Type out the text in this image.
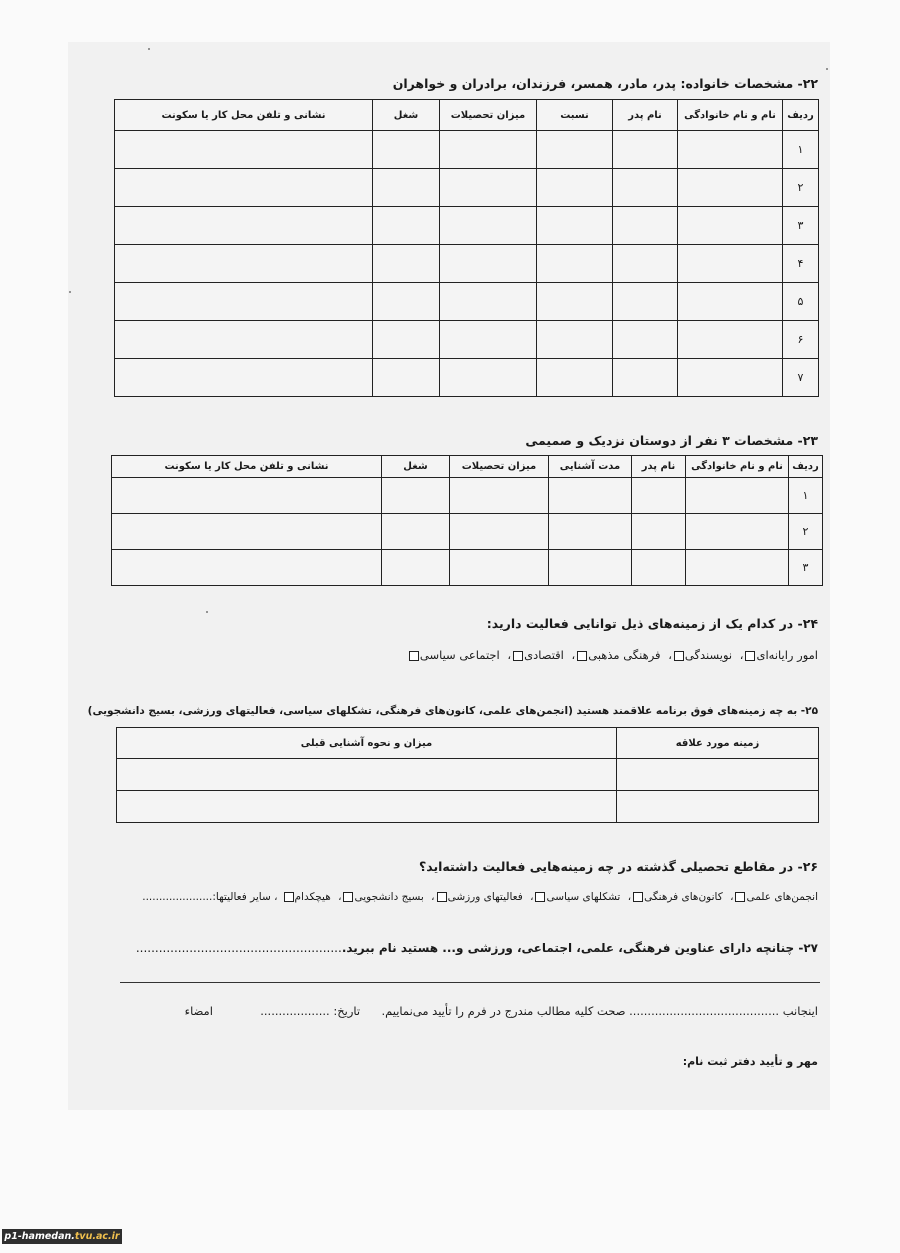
۲۲- مشخصات خانواده: پدر، مادر، همسر، فرزندان، برادران و خواهران
ردیف	نام و نام خانوادگی	نام پدر	نسبت	میزان تحصیلات	شغل	نشانی و تلفن محل کار یا سکونت
۱						
۲						
۳						
۴						
۵						
۶						
۷						
۲۳- مشخصات ۳ نفر از دوستان نزدیک و صمیمی
ردیف	نام و نام خانوادگی	نام پدر	مدت آشنایی	میزان تحصیلات	شغل	نشانی و تلفن محل کار یا سکونت
۱						
۲						
۳						
۲۴- در کدام یک از زمینه‌های ذیل توانایی فعالیت دارید:
امور رایانه‌ای، نویسندگی، فرهنگی مذهبی، اقتصادی، اجتماعی سیاسی
۲۵- به چه زمینه‌های فوق برنامه علاقمند هستید (انجمن‌های علمی، کانون‌های فرهنگی، تشکلهای سیاسی، فعالیتهای ورزشی، بسیج دانشجویی)
زمینه مورد علاقه	میزان و نحوه آشنایی قبلی

۲۶- در مقاطع تحصیلی گذشته در چه زمینه‌هایی فعالیت داشته‌اید؟
انجمن‌های علمی، کانون‌های فرهنگی، تشکلهای سیاسی، فعالیتهای ورزشی، بسیج دانشجویی، هیچکدام، سایر فعالیتها:.....................
۲۷- چنانچه دارای عناوین فرهنگی، علمی، اجتماعی، ورزشی و... هستید نام ببرید.......................................................
اینجانب ......................................... صحت کلیه مطالب مندرج در فرم را تأیید می‌نماییم.  تاریخ: ...................  امضاء
مهر و تأیید دفتر ثبت نام:
p1-hamedan.tvu.ac.ir
